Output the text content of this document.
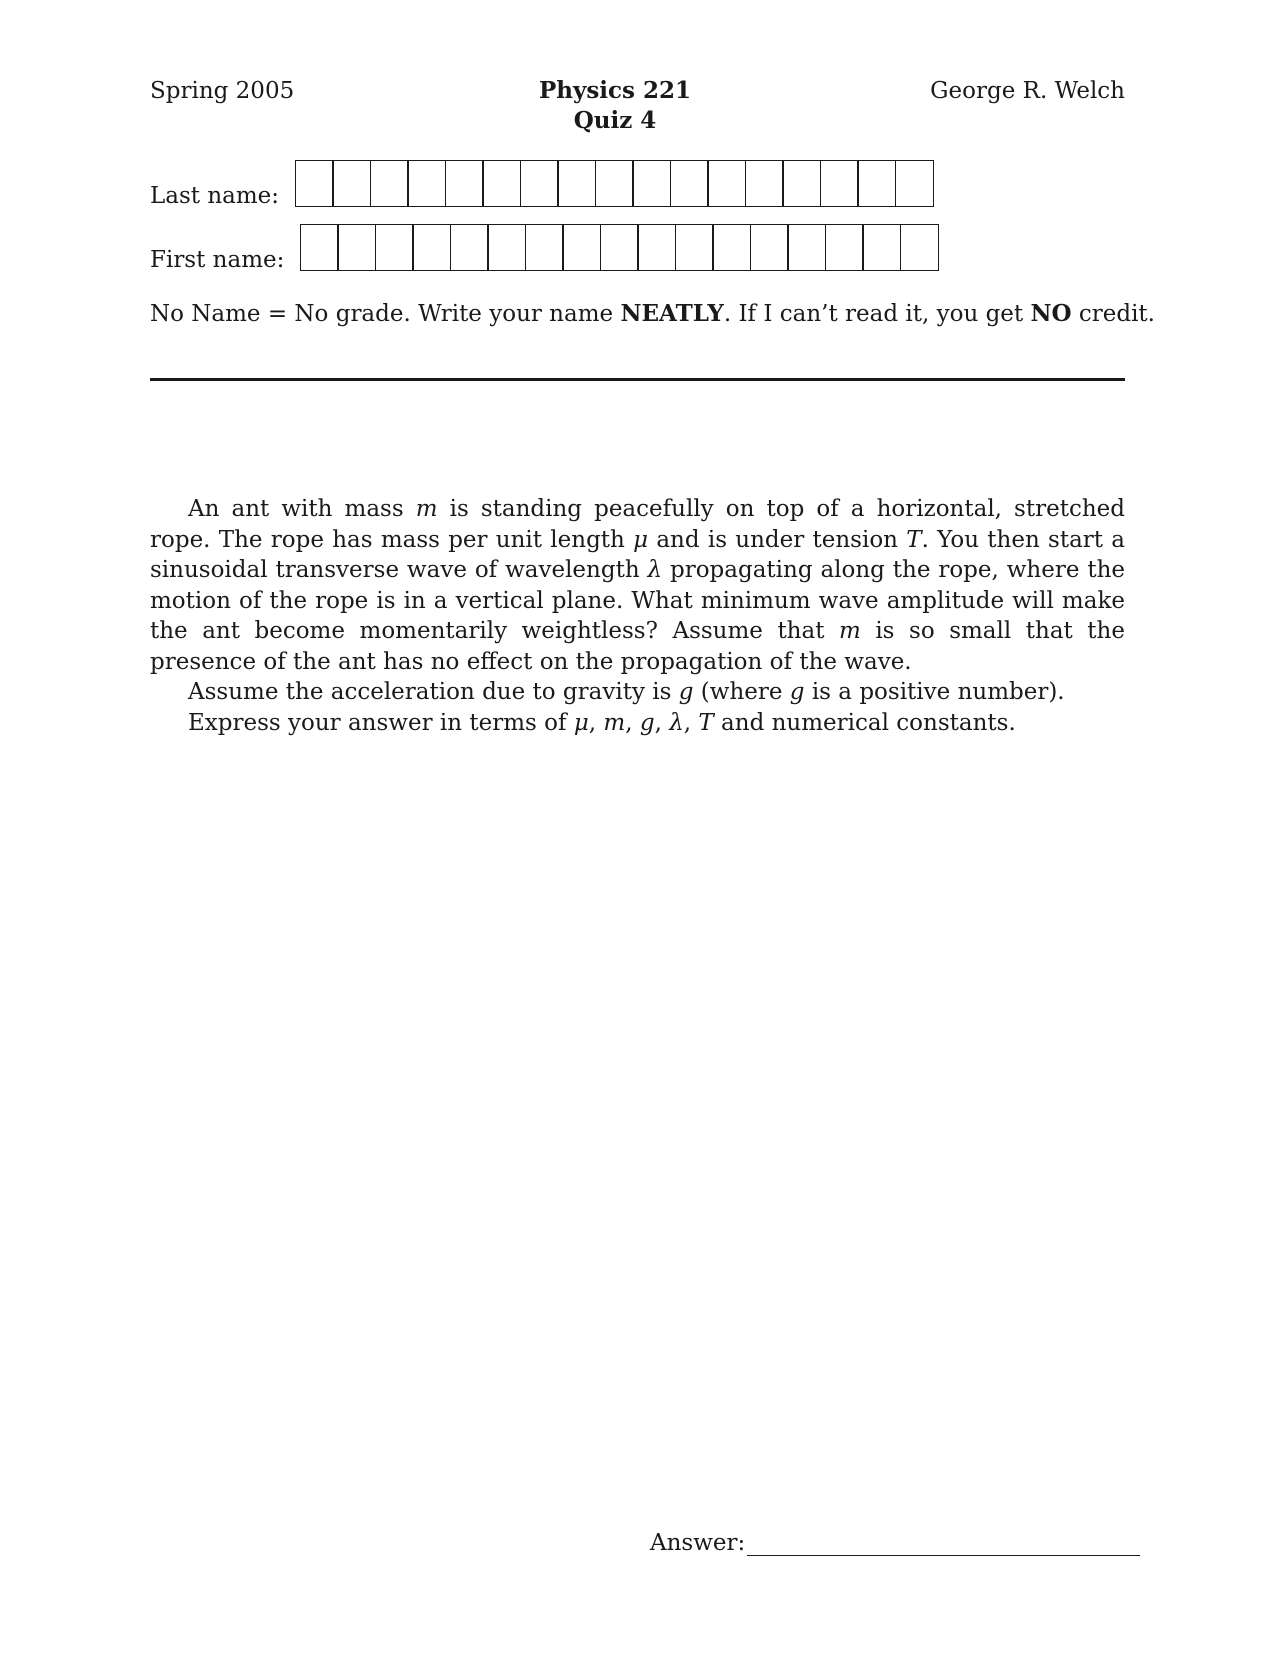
Spring 2005	Physics 221
Quiz 4
George R. Welch
Last name:
First name:
No Name = No grade. Write your name NEATLY. If I can’t read it, you get NO credit.

An ant with mass m is standing peacefully on top of a horizontal, stretched rope. The rope has mass per unit length μ and is under tension T. You then start a sinusoidal transverse wave of wavelength λ propagating along the rope, where the motion of the rope is in a vertical plane. What minimum wave amplitude will make the ant become momentarily weightless? Assume that m is so small that the presence of the ant has no effect on the propagation of the wave.

Assume the acceleration due to gravity is g (where g is a positive number).

Express your answer in terms of μ, m, g, λ, T and numerical constants.

Answer:
